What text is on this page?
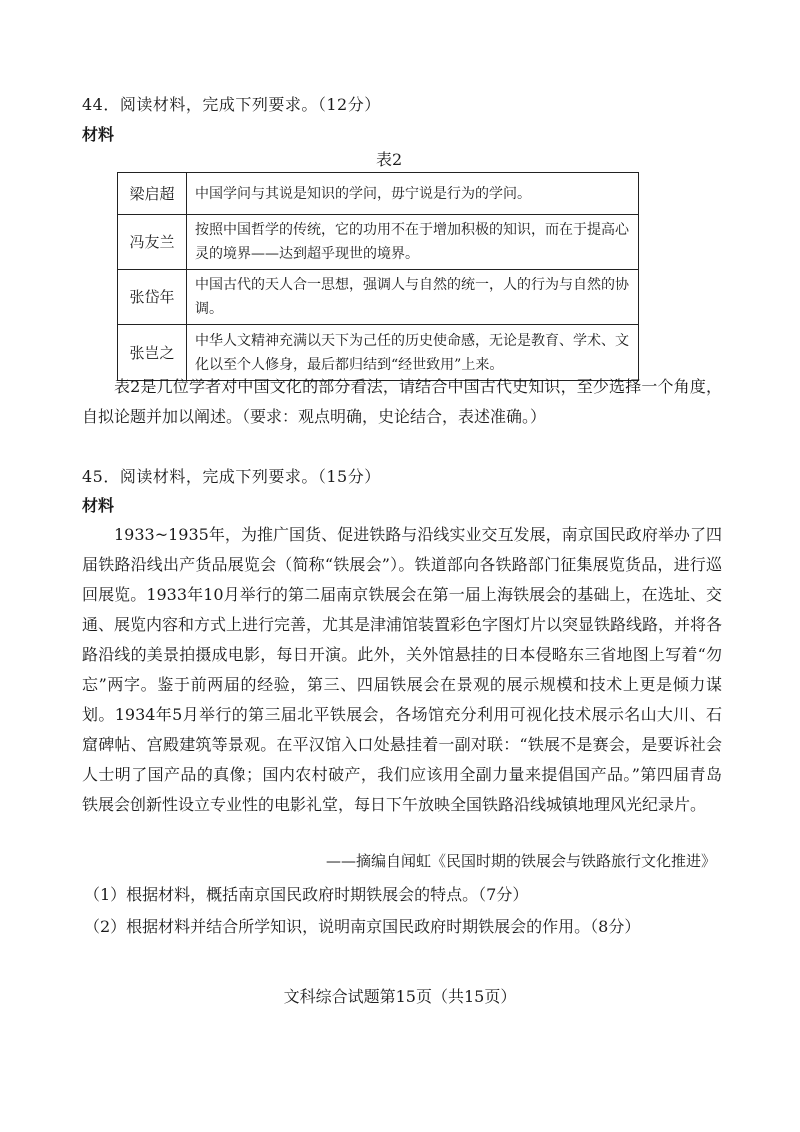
44．阅读材料，完成下列要求。（12分）
材料
表2
梁启超	中国学问与其说是知识的学问，毋宁说是行为的学问。
冯友兰	按照中国哲学的传统，它的功用不在于增加积极的知识，而在于提高心灵的境界——达到超乎现世的境界。
张岱年	中国古代的天人合一思想，强调人与自然的统一，人的行为与自然的协调。
张岂之	中华人文精神充满以天下为己任的历史使命感，无论是教育、学术、文化以至个人修身，最后都归结到“经世致用”上来。
表2是几位学者对中国文化的部分看法，请结合中国古代史知识，至少选择一个角度，自拟论题并加以阐述。（要求：观点明确，史论结合，表述准确。）
45．阅读材料，完成下列要求。（15分）
材料
1933~1935年，为推广国货、促进铁路与沿线实业交互发展，南京国民政府举办了四届铁路沿线出产货品展览会（简称“铁展会”）。铁道部向各铁路部门征集展览货品，进行巡回展览。1933年10月举行的第二届南京铁展会在第一届上海铁展会的基础上，在选址、交通、展览内容和方式上进行完善，尤其是津浦馆装置彩色字图灯片以突显铁路线路，并将各路沿线的美景拍摄成电影，每日开演。此外，关外馆悬挂的日本侵略东三省地图上写着“勿忘”两字。鉴于前两届的经验，第三、四届铁展会在景观的展示规模和技术上更是倾力谋划。1934年5月举行的第三届北平铁展会，各场馆充分利用可视化技术展示名山大川、石窟碑帖、宫殿建筑等景观。在平汉馆入口处悬挂着一副对联：“铁展不是赛会，是要诉社会人士明了国产品的真像；国内农村破产，我们应该用全副力量来提倡国产品。”第四届青岛铁展会创新性设立专业性的电影礼堂，每日下午放映全国铁路沿线城镇地理风光纪录片。
——摘编自闻虹《民国时期的铁展会与铁路旅行文化推进》
（1）根据材料，概括南京国民政府时期铁展会的特点。（7分）
（2）根据材料并结合所学知识，说明南京国民政府时期铁展会的作用。（8分）
文科综合试题第15页（共15页）
